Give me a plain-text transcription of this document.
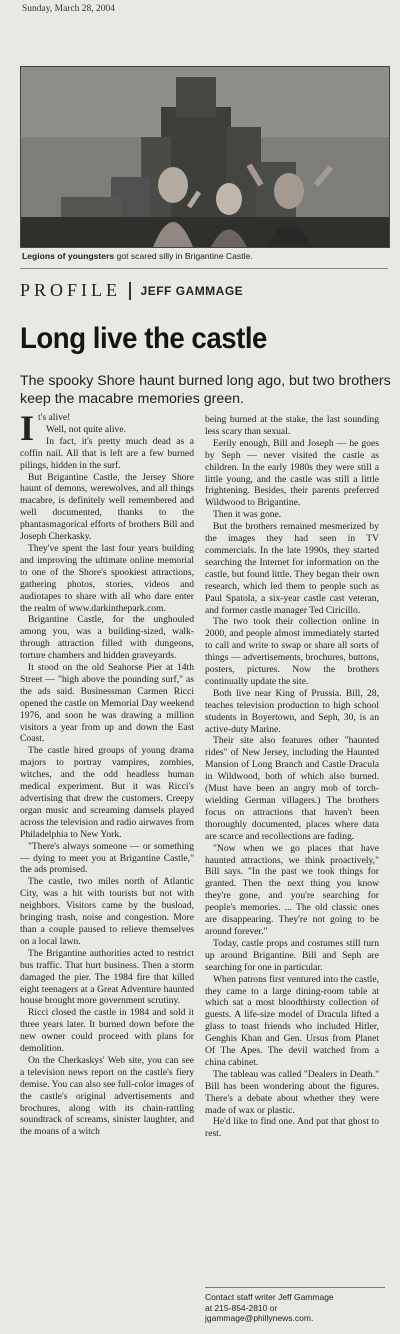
Sunday, March 28, 2004
Legions of youngsters got scared silly in Brigantine Castle.
PROFILE JEFF GAMMAGE
Long live the castle
The spooky Shore haunt burned long ago, but two brothers keep the macabre memories green.

It's alive!

Well, not quite alive.

In fact, it's pretty much dead as a coffin nail. All that is left are a few burned pilings, hidden in the surf.

But Brigantine Castle, the Jersey Shore haunt of demons, werewolves, and all things macabre, is definitely well remembered and well documented, thanks to the phantasmagorical efforts of brothers Bill and Joseph Cherkasky.

They've spent the last four years building and improving the ultimate online memorial to one of the Shore's spookiest attractions, gathering photos, stories, videos and audiotapes to share with all who dare enter the realm of www.darkinthepark.com.

Brigantine Castle, for the unghouled among you, was a building-sized, walk-through attraction filled with dungeons, torture chambers and hidden graveyards.

It stood on the old Seahorse Pier at 14th Street — "high above the pounding surf," as the ads said. Businessman Carmen Ricci opened the castle on Memorial Day weekend 1976, and soon he was drawing a million visitors a year from up and down the East Coast.

The castle hired groups of young drama majors to portray vampires, zombies, witches, and the odd headless human medical experiment. But it was Ricci's advertising that drew the customers. Creepy organ music and screaming damsels played across the television and radio airwaves from Philadelphia to New York.

"There's always someone — or something — dying to meet you at Brigantine Castle," the ads promised.

The castle, two miles north of Atlantic City, was a hit with tourists but not with neighbors. Visitors came by the busload, bringing trash, noise and congestion. More than a couple paused to relieve themselves on a local lawn.

The Brigantine authorities acted to restrict bus traffic. That hurt business. Then a storm damaged the pier. The 1984 fire that killed eight teenagers at a Great Adventure haunted house brought more government scrutiny.

Ricci closed the castle in 1984 and sold it three years later. It burned down before the new owner could proceed with plans for demolition.

On the Cherkaskys' Web site, you can see a television news report on the castle's fiery demise. You can also see full-color images of the castle's original advertisements and brochures, along with its chain-rattling soundtrack of screams, sinister laughter, and the moans of a witch

being burned at the stake, the last sounding less scary than sexual.

Eerily enough, Bill and Joseph — he goes by Seph — never visited the castle as children. In the early 1980s they were still a little young, and the castle was still a little frightening. Besides, their parents preferred Wildwood to Brigantine.

Then it was gone.

But the brothers remained mesmerized by the images they had seen in TV commercials. In the late 1990s, they started searching the Internet for information on the castle, but found little. They began their own research, which led them to people such as Paul Spatola, a six-year castle cast veteran, and former castle manager Ted Ciricillo.

The two took their collection online in 2000, and people almost immediately started to call and write to swap or share all sorts of things — advertisements, brochures, buttons, posters, pictures. Now the brothers continually update the site.

Both live near King of Prussia. Bill, 28, teaches television production to high school students in Boyertown, and Seph, 30, is an active-duty Marine.

Their site also features other "haunted rides" of New Jersey, including the Haunted Mansion of Long Branch and Castle Dracula in Wildwood, both of which also burned. (Must have been an angry mob of torch-wielding German villagers.) The brothers focus on attractions that haven't been thoroughly documented, places where data are scarce and recollections are fading.

"Now when we go places that have haunted attractions, we think proactively," Bill says. "In the past we took things for granted. Then the next thing you know they're gone, and you're searching for people's memories. ... The old classic ones are disappearing. They're not going to be around forever."

Today, castle props and costumes still turn up around Brigantine. Bill and Seph are searching for one in particular.

When patrons first ventured into the castle, they came to a large dining-room table at which sat a most bloodthirsty collection of guests. A life-size model of Dracula lifted a glass to toast friends who included Hitler, Genghis Khan and Gen. Ursus from Planet Of The Apes. The devil watched from a china cabinet.

The tableau was called "Dealers in Death." Bill has been wondering about the figures. There's a debate about whether they were made of wax or plastic.

He'd like to find one. And put that ghost to rest.

Contact staff writer Jeff Gammage
at 215-854-2810 or
jgammage@phillynews.com.
